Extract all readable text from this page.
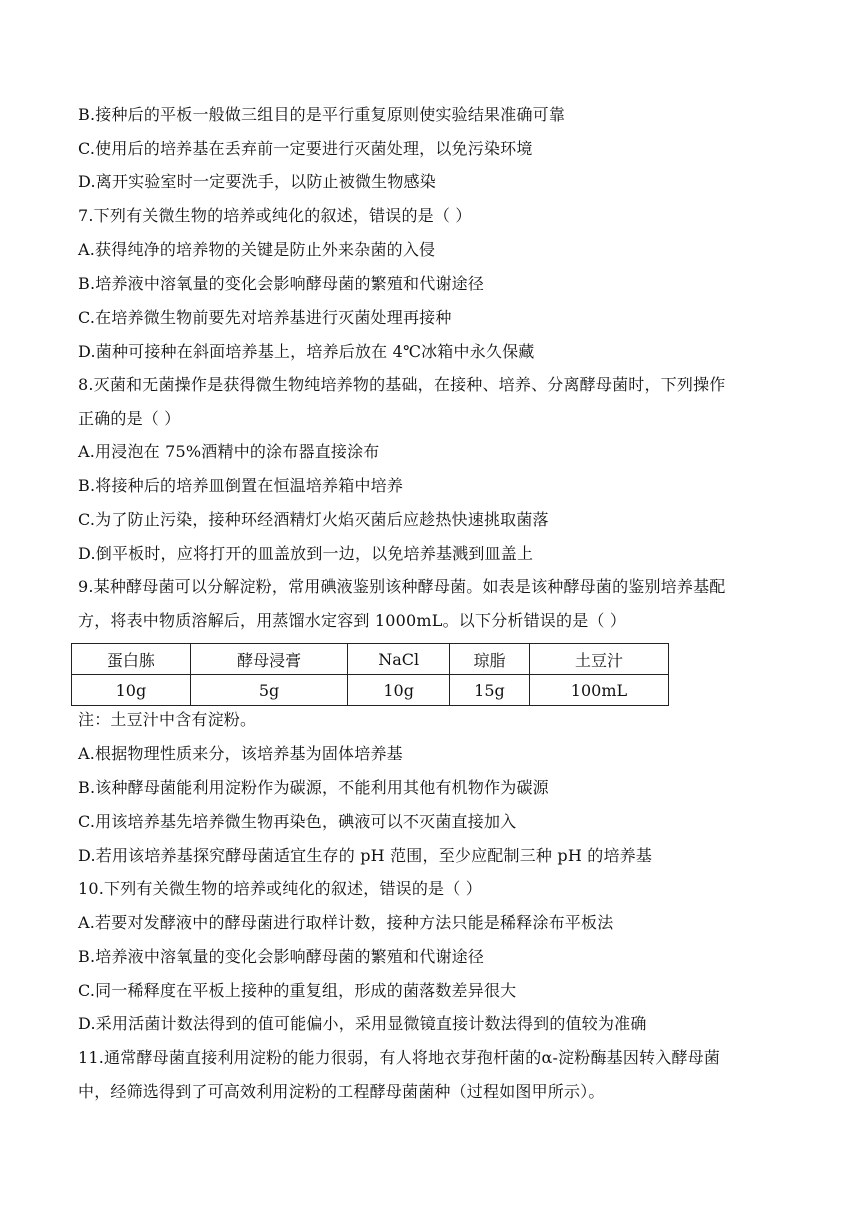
B.接种后的平板一般做三组目的是平行重复原则使实验结果准确可靠
C.使用后的培养基在丢弃前一定要进行灭菌处理，以免污染环境
D.离开实验室时一定要洗手，以防止被微生物感染
7.下列有关微生物的培养或纯化的叙述，错误的是（ ）
A.获得纯净的培养物的关键是防止外来杂菌的入侵
B.培养液中溶氧量的变化会影响酵母菌的繁殖和代谢途径
C.在培养微生物前要先对培养基进行灭菌处理再接种
D.菌种可接种在斜面培养基上，培养后放在 4℃冰箱中永久保藏
8.灭菌和无菌操作是获得微生物纯培养物的基础，在接种、培养、分离酵母菌时，下列操作
正确的是（ ）
A.用浸泡在 75%酒精中的涂布器直接涂布
B.将接种后的培养皿倒置在恒温培养箱中培养
C.为了防止污染，接种环经酒精灯火焰灭菌后应趁热快速挑取菌落
D.倒平板时，应将打开的皿盖放到一边，以免培养基溅到皿盖上
9.某种酵母菌可以分解淀粉，常用碘液鉴别该种酵母菌。如表是该种酵母菌的鉴别培养基配
方，将表中物质溶解后，用蒸馏水定容到 1000mL。以下分析错误的是（ ）
蛋白胨	酵母浸膏	NaCl	琼脂	土豆汁
10g	5g	10g	15g	100mL
注：土豆汁中含有淀粉。
A.根据物理性质来分，该培养基为固体培养基
B.该种酵母菌能利用淀粉作为碳源，不能利用其他有机物作为碳源
C.用该培养基先培养微生物再染色，碘液可以不灭菌直接加入
D.若用该培养基探究酵母菌适宜生存的 pH 范围，至少应配制三种 pH 的培养基
10.下列有关微生物的培养或纯化的叙述，错误的是（ ）
A.若要对发酵液中的酵母菌进行取样计数，接种方法只能是稀释涂布平板法
B.培养液中溶氧量的变化会影响酵母菌的繁殖和代谢途径
C.同一稀释度在平板上接种的重复组，形成的菌落数差异很大
D.采用活菌计数法得到的值可能偏小，采用显微镜直接计数法得到的值较为准确
11.通常酵母菌直接利用淀粉的能力很弱，有人将地衣芽孢杆菌的α-淀粉酶基因转入酵母菌
中，经筛选得到了可高效利用淀粉的工程酵母菌菌种（过程如图甲所示）。
